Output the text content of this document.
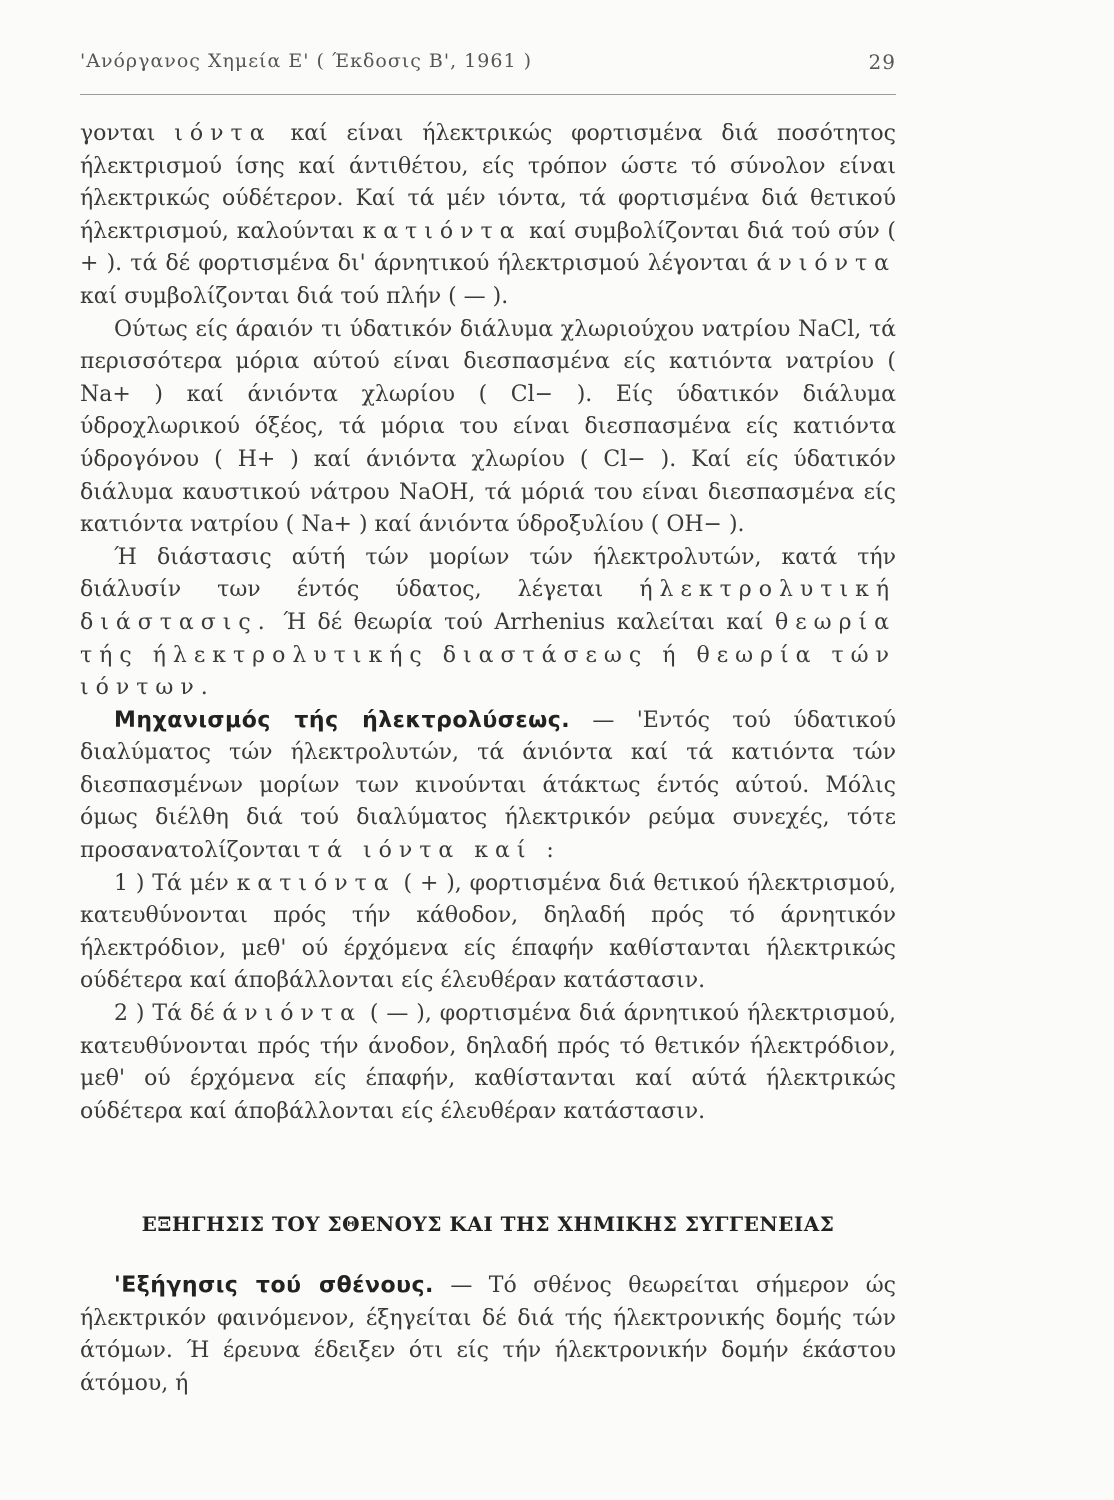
'Ανόργανος Χημεία Ε' ( Έκδοσις Β', 1961 )	29

γονται ιόντα καί είναι ήλεκτρικώς φορτισμένα διά ποσότητος ήλεκτρισμού ίσης καί άντιθέτου, είς τρόπον ώστε τό σύνολον είναι ήλεκτρικώς ούδέτερον. Καί τά μέν ιόντα, τά φορτισμένα διά θετικού ήλεκτρισμού, καλούνται κατιόντα καί συμβολίζονται διά τού σύν ( + ). τά δέ φορτισμένα δι' άρνητικού ήλεκτρισμού λέγονται άνιόντα καί συμβολίζονται διά τού πλήν ( — ).

Ούτως είς άραιόν τι ύδατικόν διάλυμα χλωριούχου νατρίου NaCl, τά περισσότερα μόρια αύτού είναι διεσπασμένα είς κατιόντα νατρίου ( Na+ ) καί άνιόντα χλωρίου ( Cl− ). Είς ύδατικόν διάλυμα ύδροχλωρικού όξέος, τά μόρια του είναι διεσπασμένα είς κατιόντα ύδρογόνου ( H+ ) καί άνιόντα χλωρίου ( Cl− ). Καί είς ύδατικόν διάλυμα καυστικού νάτρου NaOH, τά μόριά του είναι διεσπασμένα είς κατιόντα νατρίου ( Na+ ) καί άνιόντα ύδροξυλίου ( OH− ).

Ή διάστασις αύτή τών μορίων τών ήλεκτρολυτών, κατά τήν διάλυσίν των έντός ύδατος, λέγεται ήλεκτρολυτική διάστασις. Ή δέ θεωρία τού Arrhenius καλείται καί θεωρία τής ήλεκτρολυτικής διαστάσεως ή θεωρία τών ιόντων.

Μηχανισμός τής ήλεκτρολύσεως. — 'Εντός τού ύδατικού διαλύματος τών ήλεκτρολυτών, τά άνιόντα καί τά κατιόντα τών διεσπασμένων μορίων των κινούνται άτάκτως έντός αύτού. Μόλις όμως διέλθη διά τού διαλύματος ήλεκτρικόν ρεύμα συνεχές, τότε προσανατολίζονται τά ιόντα καί :

1 ) Τά μέν κατιόντα ( + ), φορτισμένα διά θετικού ήλεκτρισμού, κατευθύνονται πρός τήν κάθοδον, δηλαδή πρός τό άρνητικόν ήλεκτρόδιον, μεθ' ού έρχόμενα είς έπαφήν καθίστανται ήλεκτρικώς ούδέτερα καί άποβάλλονται είς έλευθέραν κατάστασιν.

2 ) Τά δέ άνιόντα ( — ), φορτισμένα διά άρνητικού ήλεκτρισμού, κατευθύνονται πρός τήν άνοδον, δηλαδή πρός τό θετικόν ήλεκτρόδιον, μεθ' ού έρχόμενα είς έπαφήν, καθίστανται καί αύτά ήλεκτρικώς ούδέτερα καί άποβάλλονται είς έλευθέραν κατάστασιν.

ΕΞΗΓΗΣΙΣ ΤΟΥ ΣΘΕΝΟΥΣ ΚΑΙ ΤΗΣ ΧΗΜΙΚΗΣ ΣΥΓΓΕΝΕΙΑΣ

'Εξήγησις τού σθένους. — Τό σθένος θεωρείται σήμερον ώς ήλεκτρικόν φαινόμενον, έξηγείται δέ διά τής ήλεκτρονικής δομής τών άτόμων. Ή έρευνα έδειξεν ότι είς τήν ήλεκτρονικήν δομήν έκάστου άτόμου, ή
